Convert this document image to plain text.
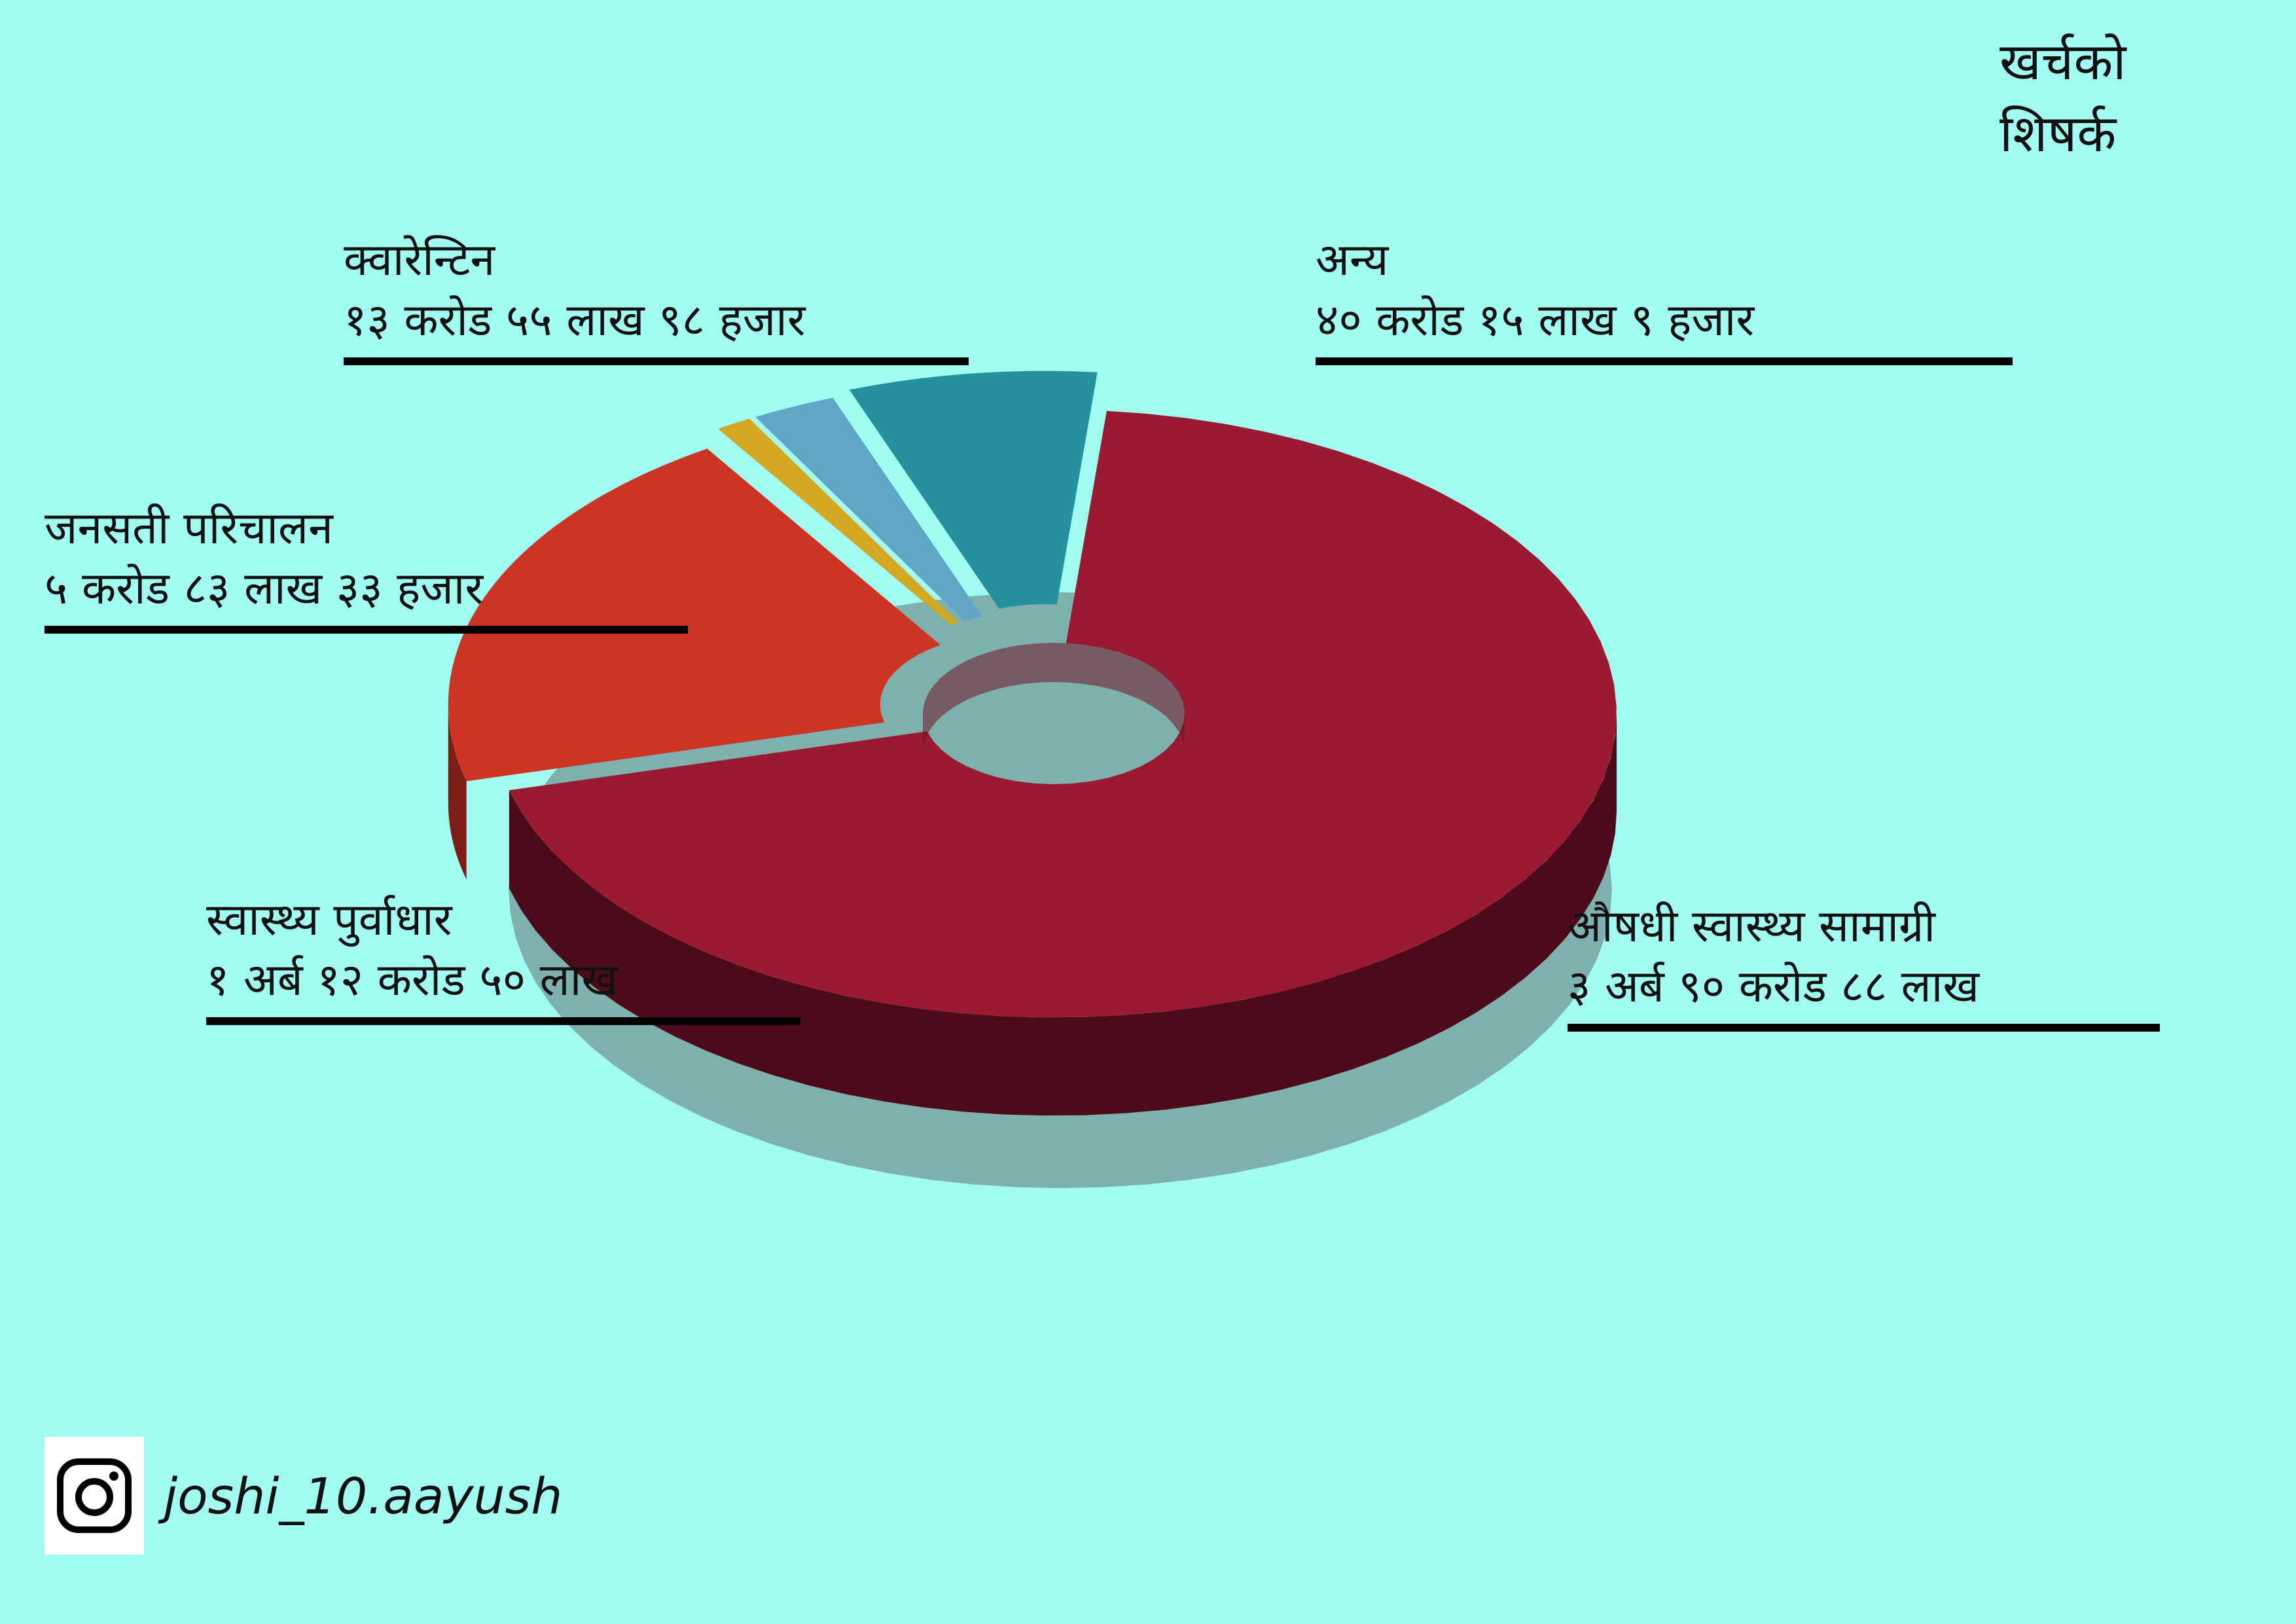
खर्चको
शिषर्क
क्वारेन्टिन
१३ करोड ५५ लाख ९८ हजार
अन्य
४० करोड १५ लाख ९ हजार
जनसती परिचालन
५ करोड ८३ लाख ३३ हजार
स्वास्थ्य पुर्वाधार
१ अर्ब १२ करोड ५० लाख
औषधी स्वास्थ्य सामाग्री
३ अर्ब ९० करोड ८८ लाख
joshi_10.aayush
